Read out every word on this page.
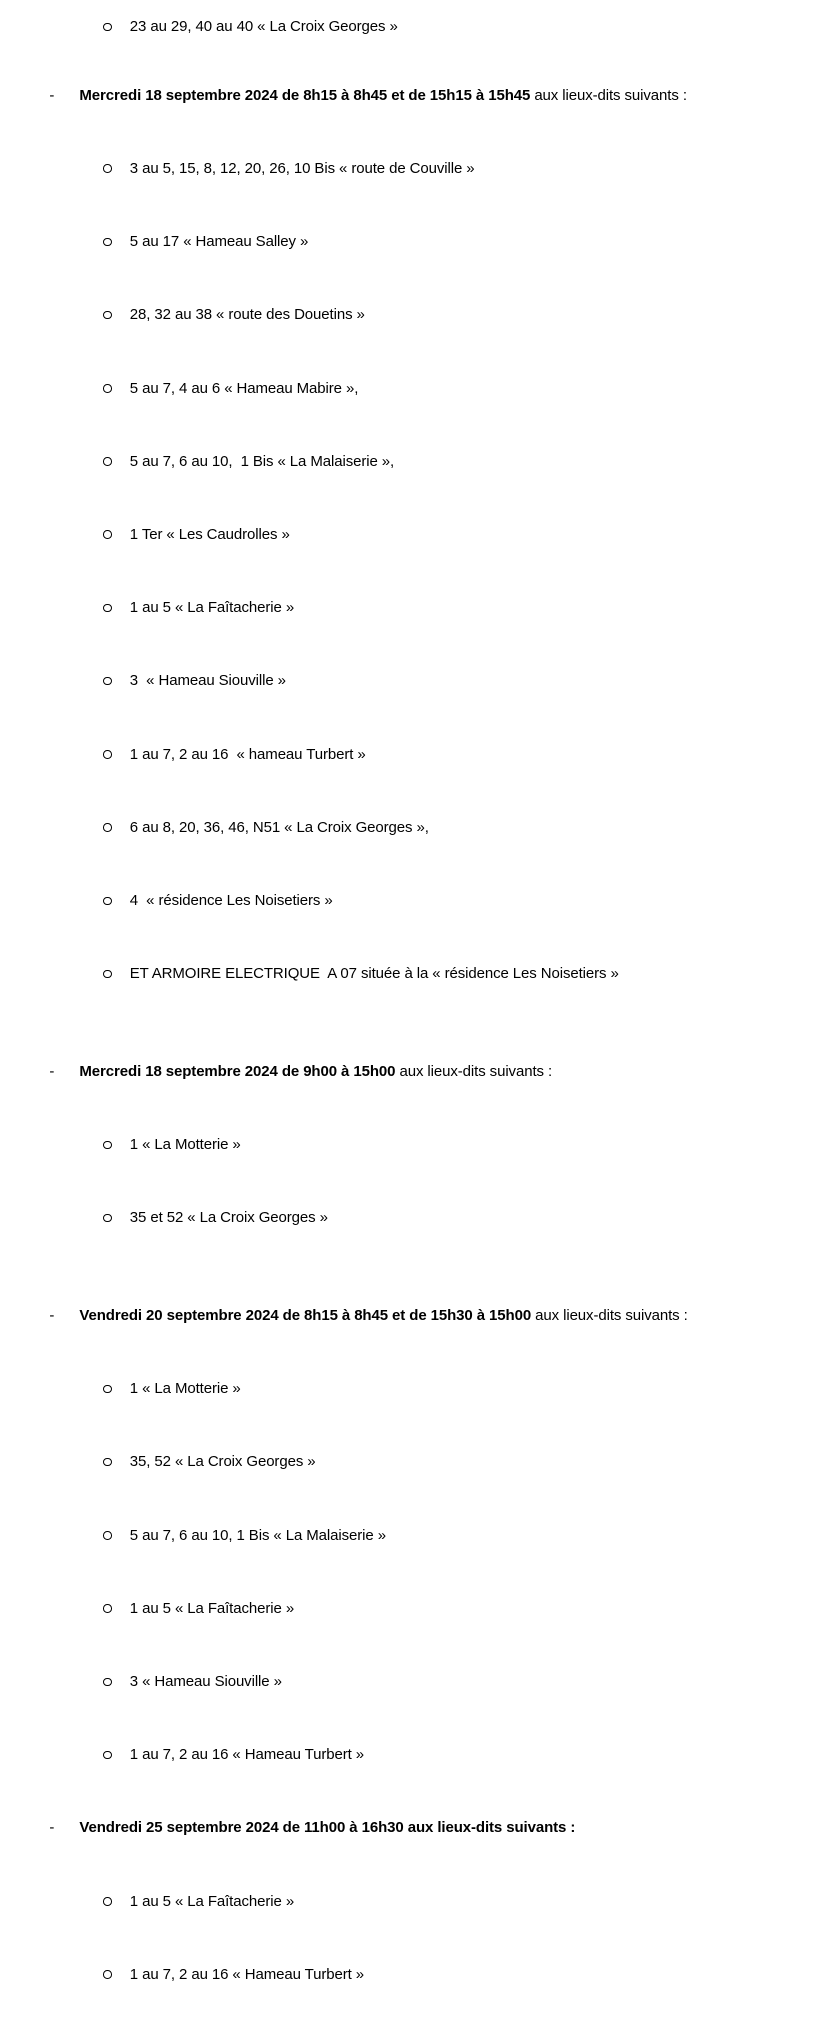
23 au 29, 40 au 40 « La Croix Georges »

- Mercredi 18 septembre 2024 de 8h15 à 8h45 et de 15h15 à 15h45 aux lieux-dits suivants :

3 au 5, 15, 8, 12, 20, 26, 10 Bis « route de Couville »

5 au 17 « Hameau Salley »

28, 32 au 38 « route des Douetins »

5 au 7, 4 au 6 « Hameau Mabire »,

5 au 7, 6 au 10,  1 Bis « La Malaiserie »,

1 Ter « Les Caudrolles »

1 au 5 « La Faîtacherie »

3  « Hameau Siouville »

1 au 7, 2 au 16  « hameau Turbert »

6 au 8, 20, 36, 46, N51 « La Croix Georges »,

4  « résidence Les Noisetiers »

ET ARMOIRE ELECTRIQUE  A 07 située à la « résidence Les Noisetiers »

- Mercredi 18 septembre 2024 de 9h00 à 15h00 aux lieux-dits suivants :

1 « La Motterie »

35 et 52 « La Croix Georges »

- Vendredi 20 septembre 2024 de 8h15 à 8h45 et de 15h30 à 15h00 aux lieux-dits suivants :

1 « La Motterie »

35, 52 « La Croix Georges »

5 au 7, 6 au 10, 1 Bis « La Malaiserie »

1 au 5 « La Faîtacherie »

3 « Hameau Siouville »

1 au 7, 2 au 16 « Hameau Turbert »

- Vendredi 25 septembre 2024 de 11h00 à 16h30 aux lieux-dits suivants :

1 au 5 « La Faîtacherie »

1 au 7, 2 au 16 « Hameau Turbert »
